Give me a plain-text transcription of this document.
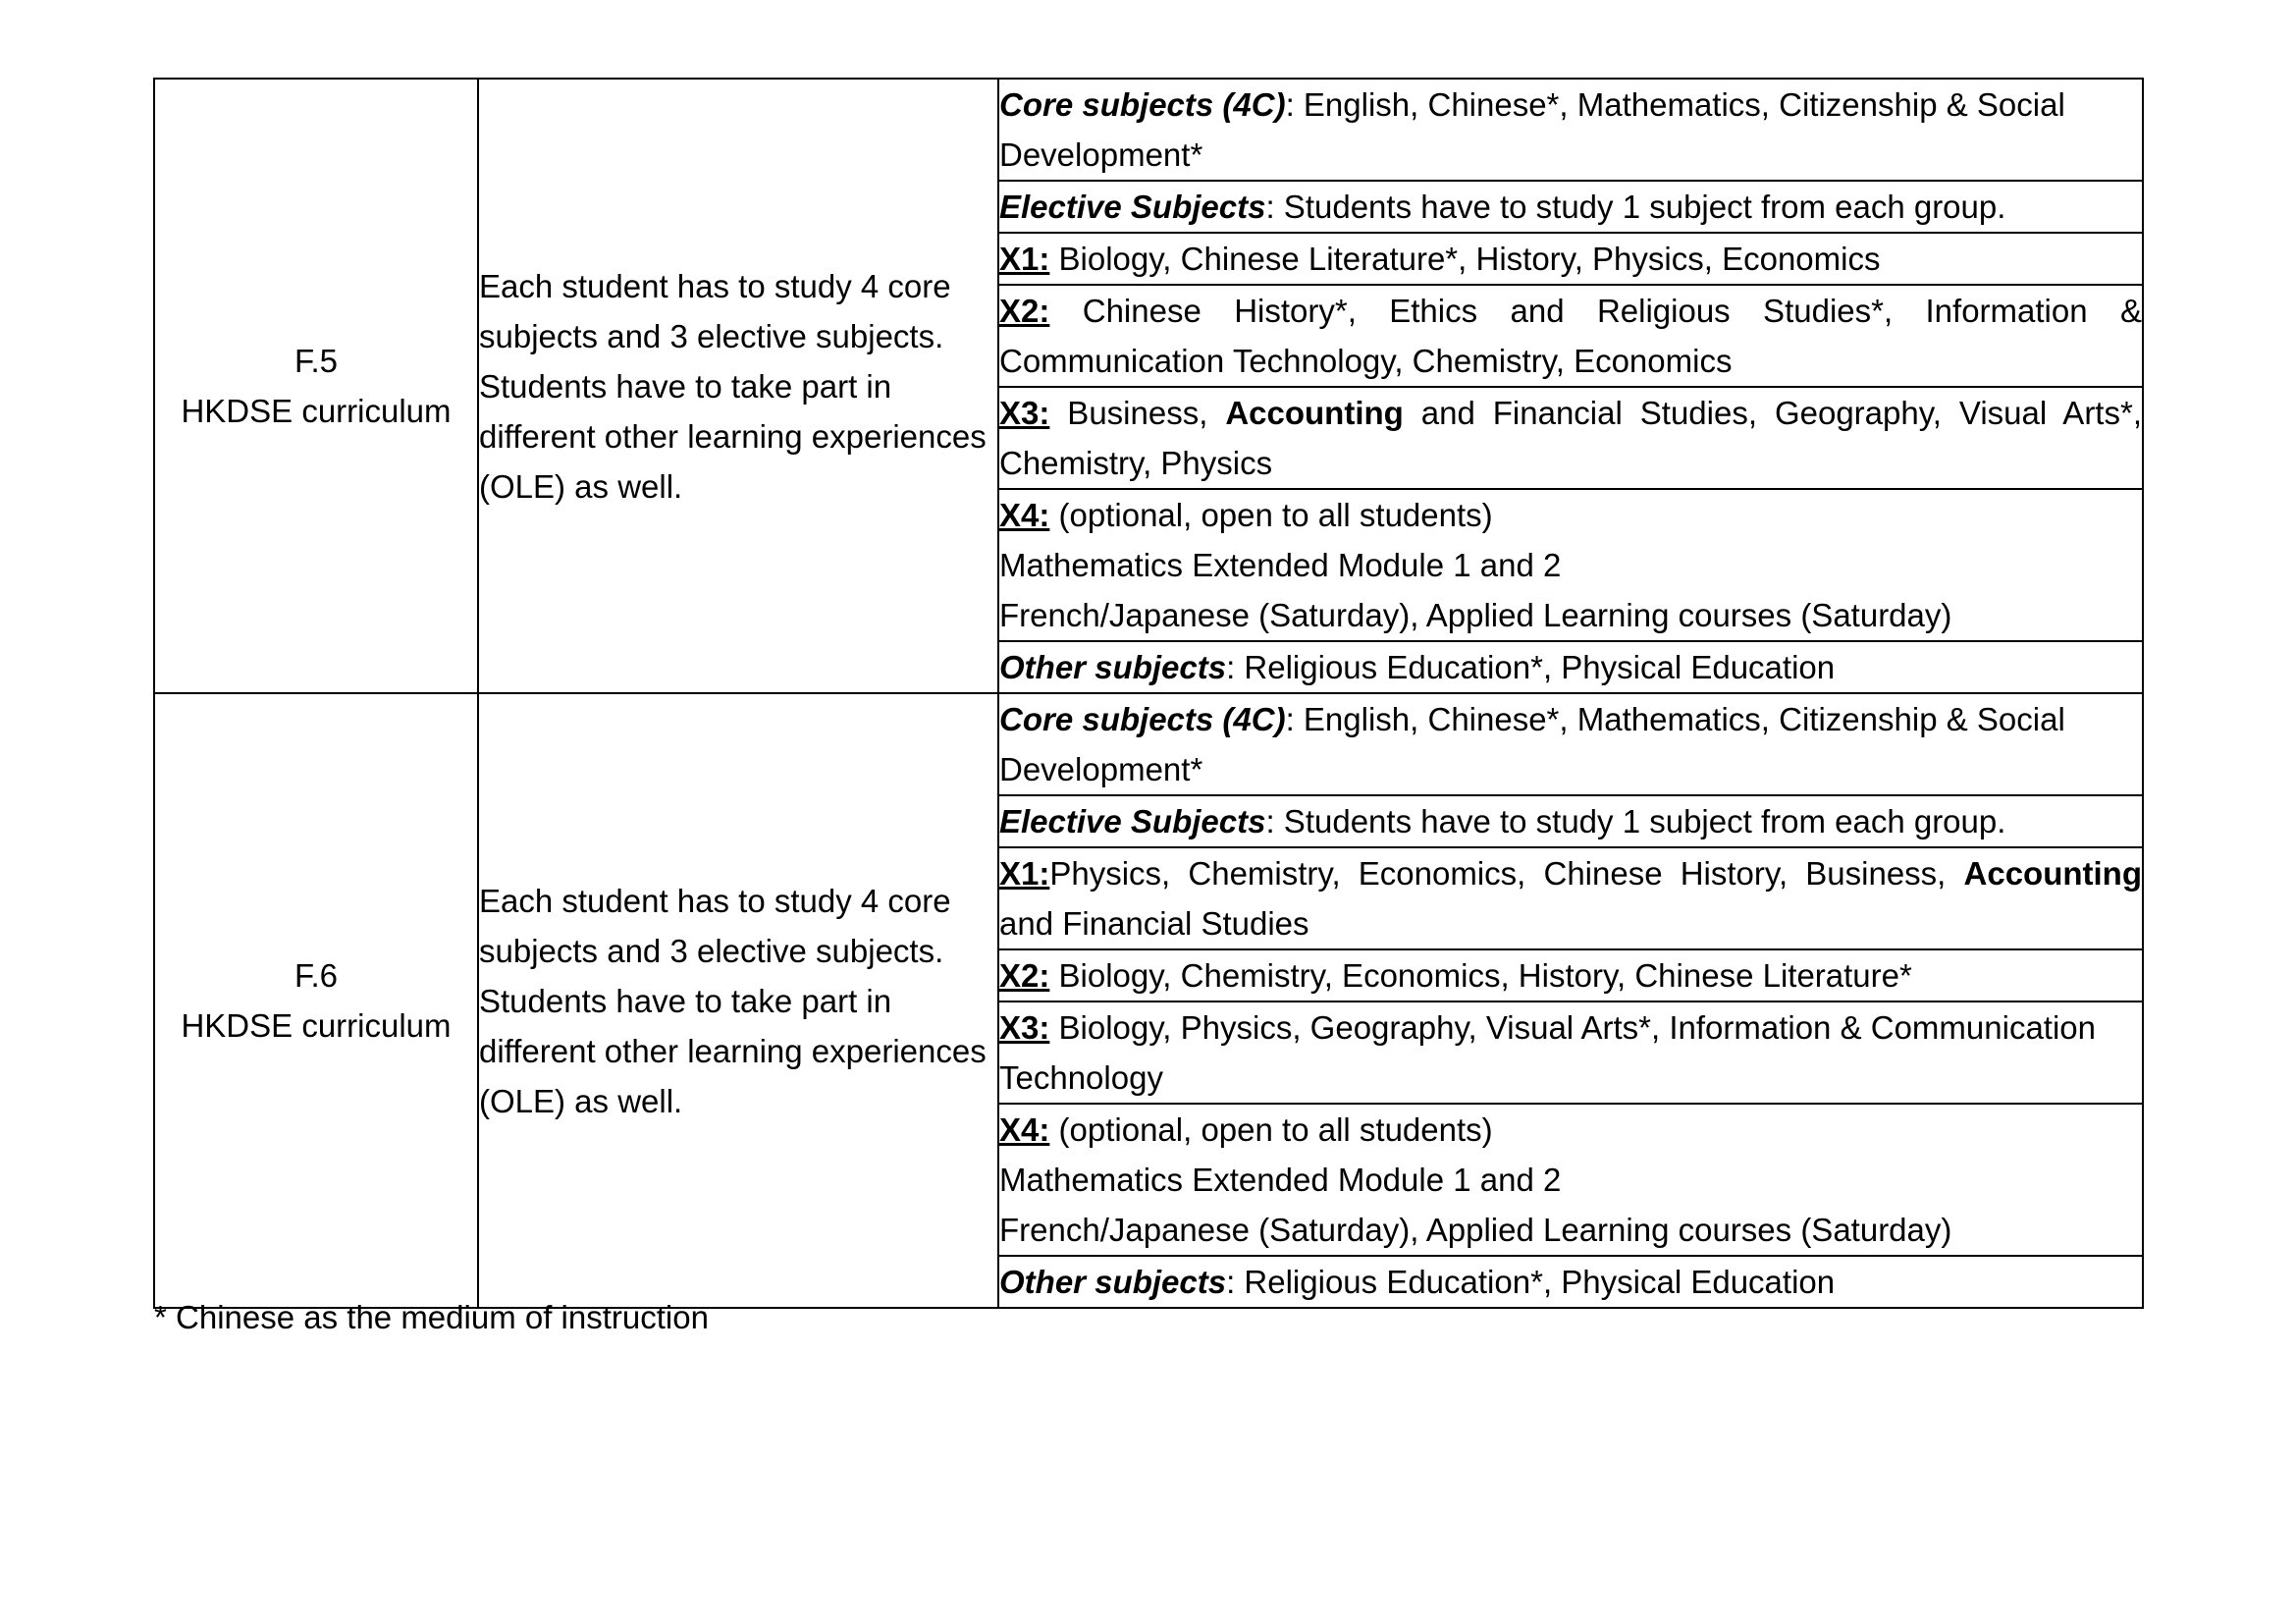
F.5
HKDSE curriculum	Each student has to study 4 core subjects and 3 elective subjects. Students have to take part in different other learning experiences (OLE) as well.	Core subjects (4C): English, Chinese*, Mathematics, Citizenship & Social Development*
		Elective Subjects: Students have to study 1 subject from each group.
		X1: Biology, Chinese Literature*, History, Physics, Economics
		X2: Chinese History*, Ethics and Religious Studies*, Information & Communication Technology, Chemistry, Economics
		X3: Business, Accounting and Financial Studies, Geography, Visual Arts*, Chemistry, Physics

		X4: (optional, open to all students)
Mathematics Extended Module 1 and 2
French/Japanese (Saturday), Applied Learning courses (Saturday)

		Other subjects: Religious Education*, Physical Education

F.6
HKDSE curriculum	Each student has to study 4 core subjects and 3 elective subjects. Students have to take part in different other learning experiences (OLE) as well.	Core subjects (4C): English, Chinese*, Mathematics, Citizenship & Social Development*
		Elective Subjects: Students have to study 1 subject from each group.
		X1:Physics, Chemistry, Economics, Chinese History, Business, Accounting and Financial Studies
		X2: Biology, Chemistry, Economics, History, Chinese Literature*
		X3: Biology, Physics, Geography, Visual Arts*, Information & Communication Technology

		X4: (optional, open to all students)
Mathematics Extended Module 1 and 2
French/Japanese (Saturday), Applied Learning courses (Saturday)

		Other subjects: Religious Education*, Physical Education
* Chinese as the medium of instruction
